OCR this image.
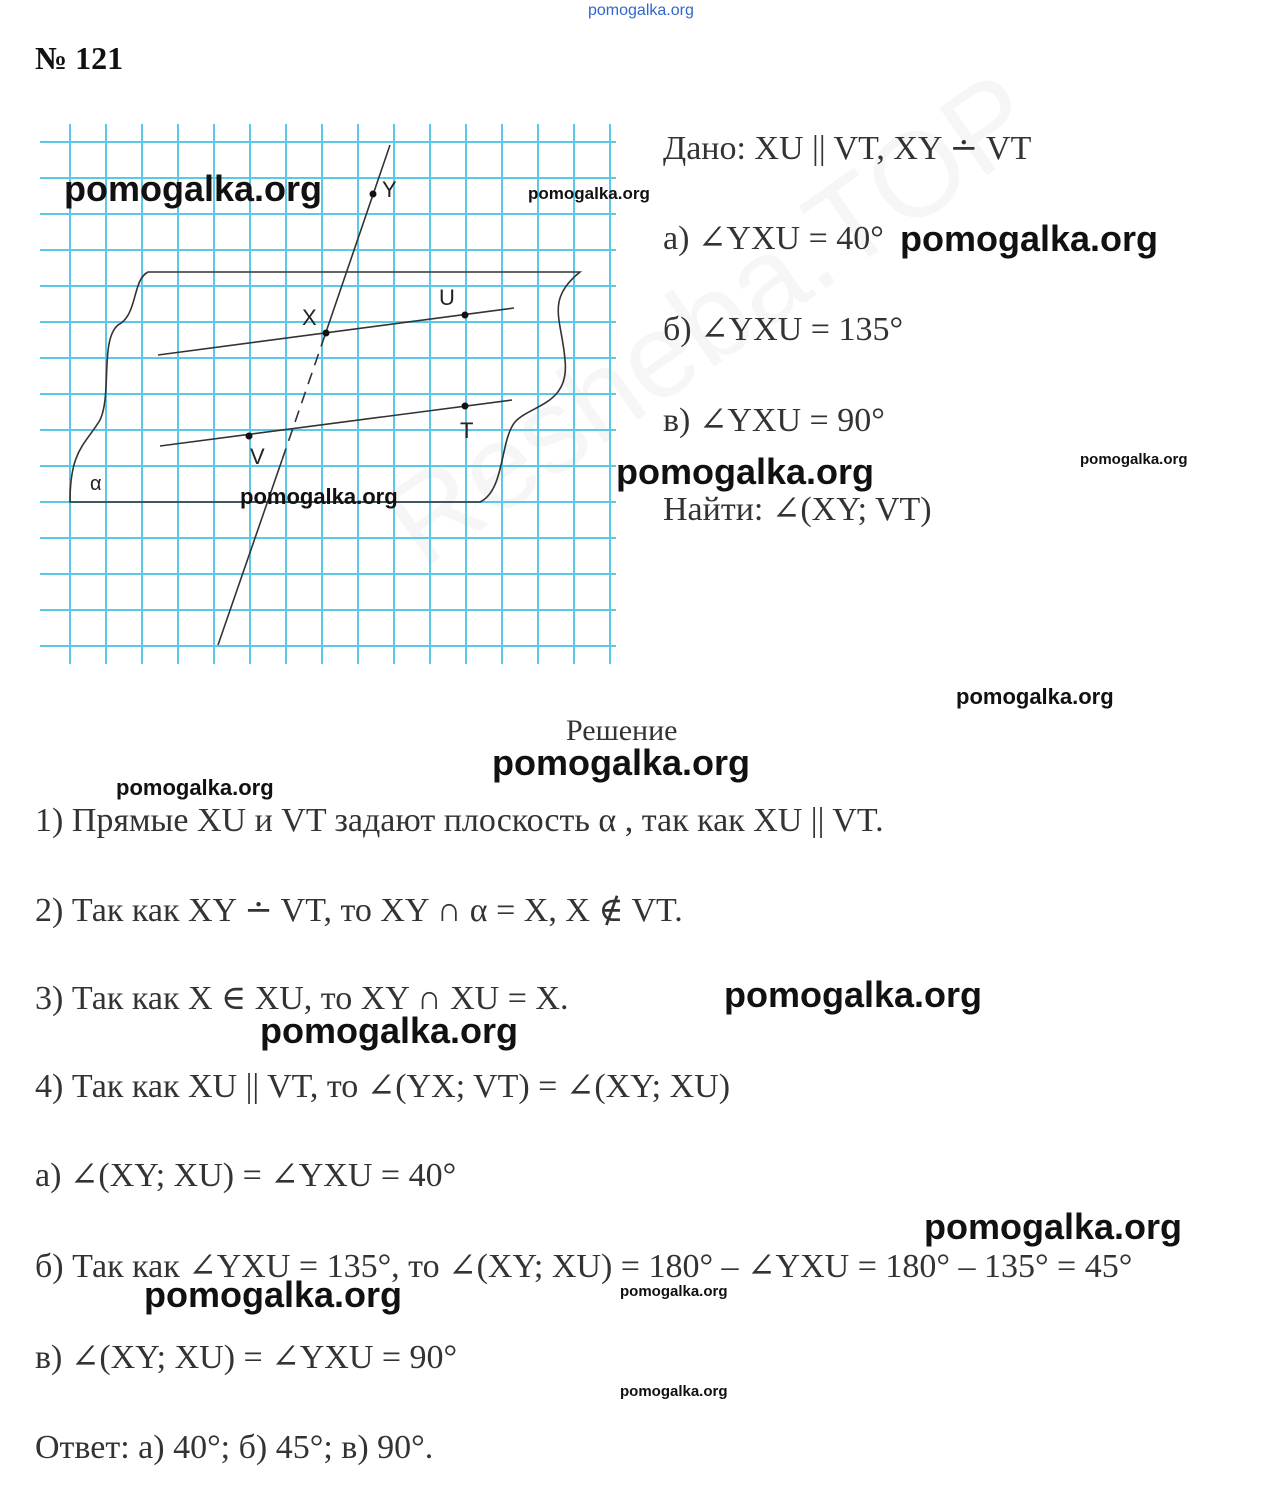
pomogalka.org
№ 121
Y
X
U
V
T
α
Дано: XU || VT, XY ∸ VT
а) ∠YXU = 40°
б) ∠YXU = 135°
в) ∠YXU = 90°
Найти: ∠(XY; VT)
Решение
1) Прямые XU и VT задают плоскость α , так как XU || VT.
2) Так как XY ∸ VT, то XY ∩ α = X, X ∉ VT.
3) Так как X ∈ XU, то XY ∩ XU = X.
4) Так как XU || VT, то ∠(YX; VT) = ∠(XY; XU)
а) ∠(XY; XU) = ∠YXU = 40°
б) Так как ∠YXU = 135°, то ∠(XY; XU) = 180° – ∠YXU = 180° – 135° = 45°
в) ∠(XY; XU) = ∠YXU = 90°
Ответ: а) 40°; б) 45°; в) 90°.
pomogalka.org	pomogalka.org
pomogalka.org
pomogalka.org	pomogalka.org
pomogalka.org
pomogalka.org
pomogalka.org
pomogalka.org
pomogalka.org
pomogalka.org
pomogalka.org
pomogalka.org	pomogalka.org
pomogalka.org
